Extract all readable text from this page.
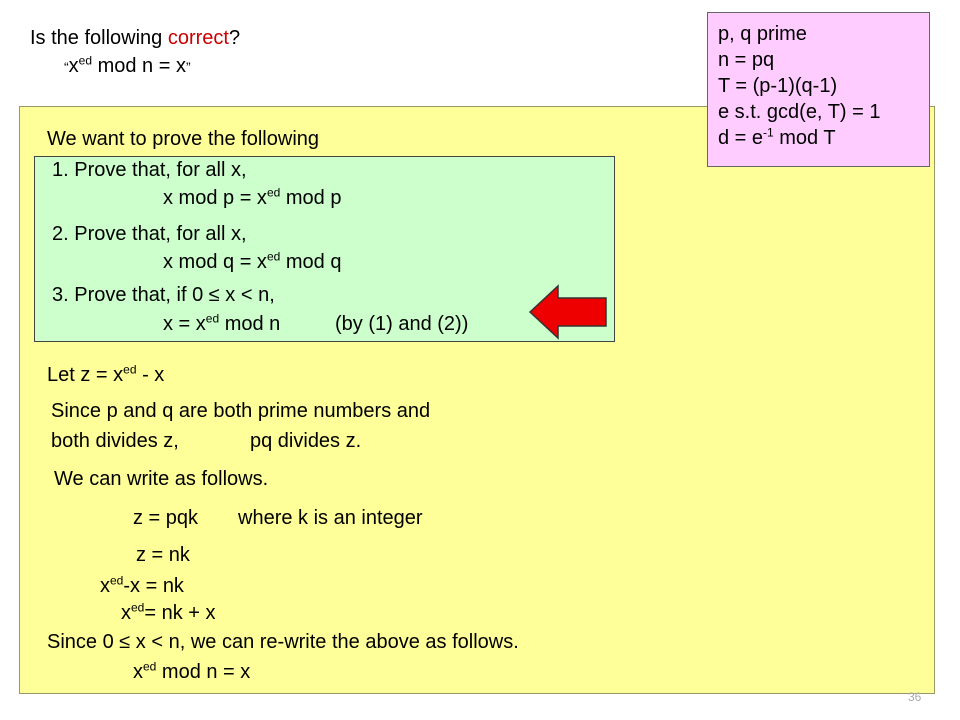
Is the following correct?
“$x^{ed}$ mod n = x”
We want to prove the following
1. Prove that, for all x,
x mod $p = x^{ed}$ mod p
2. Prove that, for all x,
x mod $q = x^{ed}$ mod q
3. Prove that, if 0 ≤ x < n,
$x = x^{ed}$ mod n	(by (1) and (2))
Let $z = x^{ed} - x$
Since p and q are both prime numbers and
both divides z,	pq divides z.
We can write as follows.
z = pqk where k is an integer
z = nk
$x^{ed}-x$ = nk
$x^{ed}=$ nk + x
Since 0 ≤ x < n, we can re-write the above as follows.
$x^{ed}$ mod n = x
p, q prime
n = pq
T = (p-1)(q-1)
e s.t. gcd(e, T) = 1
$d = e^{-1}$ mod T
36
